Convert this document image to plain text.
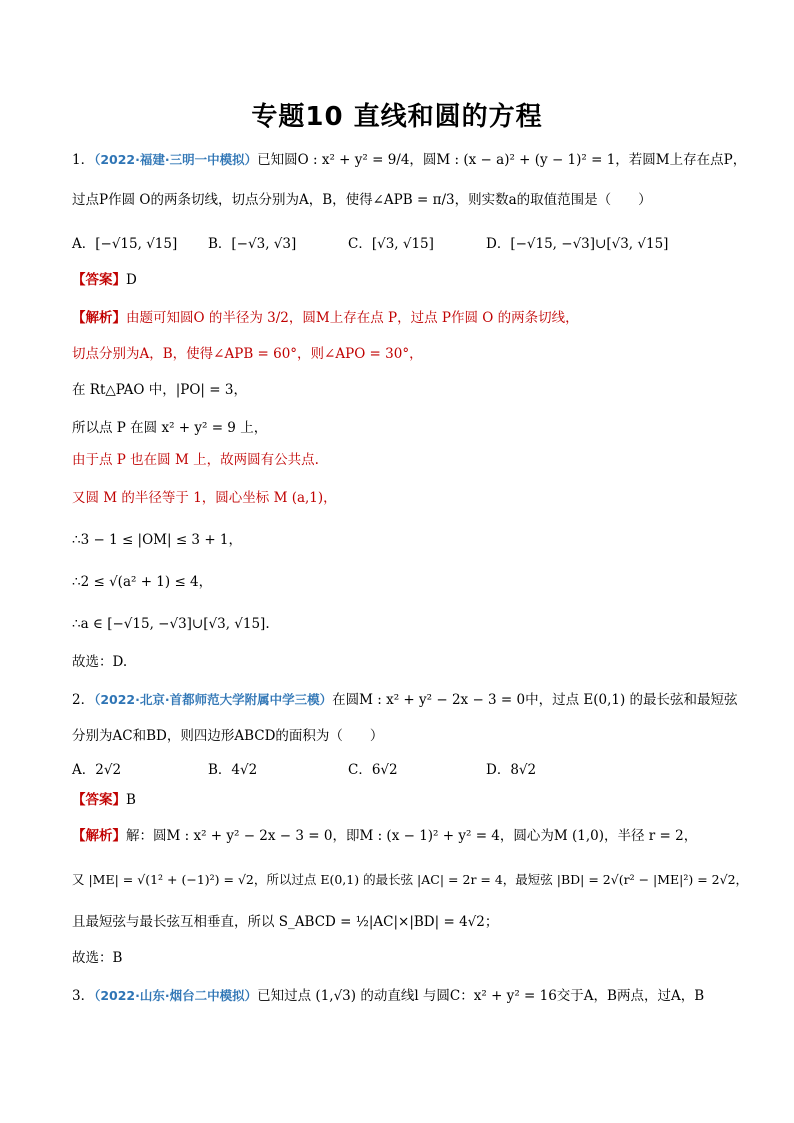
专题10 直线和圆的方程
1．（2022·福建·三明一中模拟）已知圆O : x² + y² = 9/4，圆M : (x − a)² + (y − 1)² = 1，若圆M上存在点P，
过点P作圆 O的两条切线，切点分别为A，B，使得∠APB = π/3，则实数a的取值范围是（　　）
A．[−√15, √15] B．[−√3, √3]	C．[√3, √15]	D．[−√15, −√3]∪[√3, √15]
【答案】D
【解析】由题可知圆O 的半径为 3/2，圆M上存在点 P，过点 P作圆 O 的两条切线，
切点分别为A，B，使得∠APB = 60°，则∠APO = 30°，
在 Rt△PAO 中，|PO| = 3，
所以点 P 在圆 x² + y² = 9 上，
由于点 P 也在圆 M 上，故两圆有公共点.
又圆 M 的半径等于 1，圆心坐标 M (a,1)，
∴3 − 1 ≤ |OM| ≤ 3 + 1，
∴2 ≤ √(a² + 1) ≤ 4，
∴a ∈ [−√15, −√3]∪[√3, √15].
故选：D.
2．（2022·北京·首都师范大学附属中学三模）在圆M : x² + y² − 2x − 3 = 0中，过点 E(0,1) 的最长弦和最短弦
分别为AC和BD，则四边形ABCD的面积为（　　）
A．2√2	B．4√2	C．6√2	D．8√2
【答案】B
【解析】解：圆M : x² + y² − 2x − 3 = 0，即M : (x − 1)² + y² = 4，圆心为M (1,0)，半径 r = 2，
又 |ME| = √(1² + (−1)²) = √2，所以过点 E(0,1) 的最长弦 |AC| = 2r = 4，最短弦 |BD| = 2√(r² − |ME|²) = 2√2，
且最短弦与最长弦互相垂直，所以 S_ABCD = ½|AC|×|BD| = 4√2；
故选：B
3．（2022·山东·烟台二中模拟）已知过点 (1,√3) 的动直线l 与圆C：x² + y² = 16交于A，B两点，过A，B
